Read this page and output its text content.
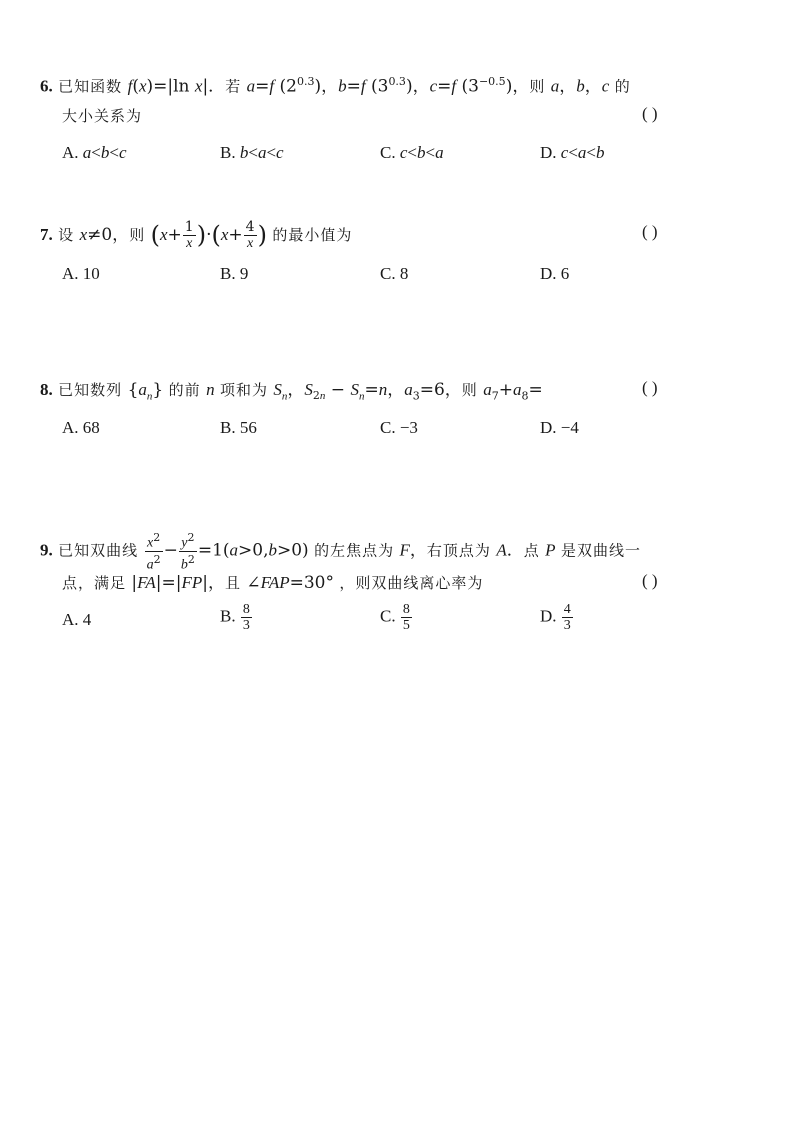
6. 已知函数 f(x)=|ln x|．若 a=f $(2^{0.3})$，b=f $(3^{0.3})$，c=f $(3^{-0.5})$，则 a，b，c 的
大小关系为	( )
A. a<b<c	B. b<a<c	C. c<b<a	D. c<a<b
7. 设 x≠0，则 $(x+ \frac{1}{x} )\cdot(x+ \frac{4}{x}$ ) 的最小值为	( )
A. 10	B. 9	C. 8	D. 6
8. 已知数列 $\{a_n\}$ 的前 n 项和为 $S_n$，$S_{2n} - S_n=n$，$a_3=6$，则 $a_7+a_8=$	( )
A. 68	B. 56	C. −3	D. −4
9. 已知双曲线 $\frac{x^2}{a^2} - \frac{y^2}{b^2} =1(a>0,b>0)$ 的左焦点为 F，右顶点为 A．点 P 是双曲线一
点，满足 |FA|=|FP|，且 ∠FAP=30° ，则双曲线离心率为	( )
A. 4	B. $\frac{8}{3}$	C. $\frac{8}{5}$	D. $\frac{4}{3}$
